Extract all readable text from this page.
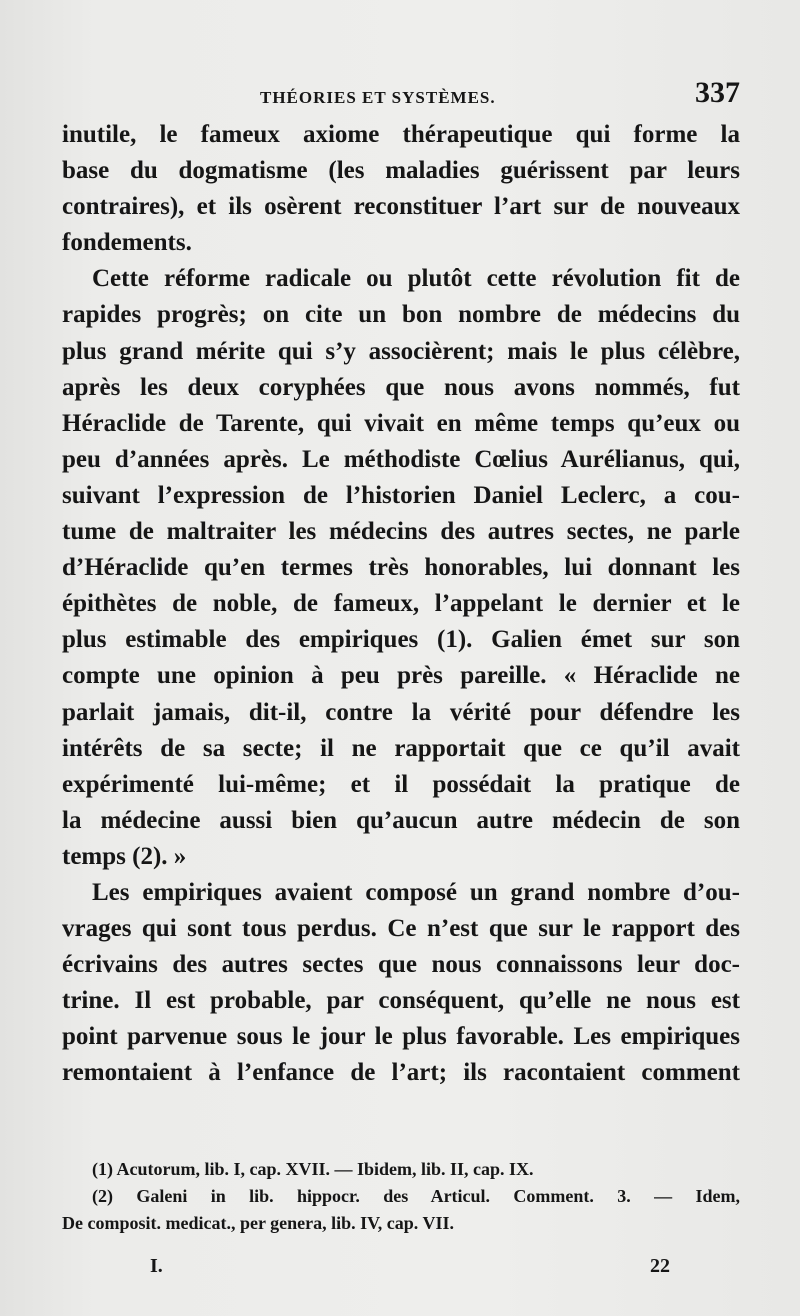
THÉORIES ET SYSTÈMES.	337
inutile, le fameux axiome thérapeutique qui forme la
base du dogmatisme (les maladies guérissent par leurs
contraires), et ils osèrent reconstituer l’art sur de nouveaux
fondements.
Cette réforme radicale ou plutôt cette révolution fit de
rapides progrès; on cite un bon nombre de médecins du
plus grand mérite qui s’y associèrent; mais le plus célèbre,
après les deux coryphées que nous avons nommés, fut
Héraclide de Tarente, qui vivait en même temps qu’eux ou
peu d’années après. Le méthodiste Cœlius Aurélianus, qui,
suivant l’expression de l’historien Daniel Leclerc, a cou-
tume de maltraiter les médecins des autres sectes, ne parle
d’Héraclide qu’en termes très honorables, lui donnant les
épithètes de noble, de fameux, l’appelant le dernier et le
plus estimable des empiriques (1). Galien émet sur son
compte une opinion à peu près pareille. « Héraclide ne
parlait jamais, dit-il, contre la vérité pour défendre les
intérêts de sa secte; il ne rapportait que ce qu’il avait
expérimenté lui-même; et il possédait la pratique de
la médecine aussi bien qu’aucun autre médecin de son
temps (2). »
Les empiriques avaient composé un grand nombre d’ou-
vrages qui sont tous perdus. Ce n’est que sur le rapport des
écrivains des autres sectes que nous connaissons leur doc-
trine. Il est probable, par conséquent, qu’elle ne nous est
point parvenue sous le jour le plus favorable. Les empiriques
remontaient à l’enfance de l’art; ils racontaient comment
(1) Acutorum, lib. I, cap. XVII. — Ibidem, lib. II, cap. IX.
(2) Galeni in lib. hippocr. des Articul. Comment. 3. — Idem,
De composit. medicat., per genera, lib. IV, cap. VII.
I.	22
